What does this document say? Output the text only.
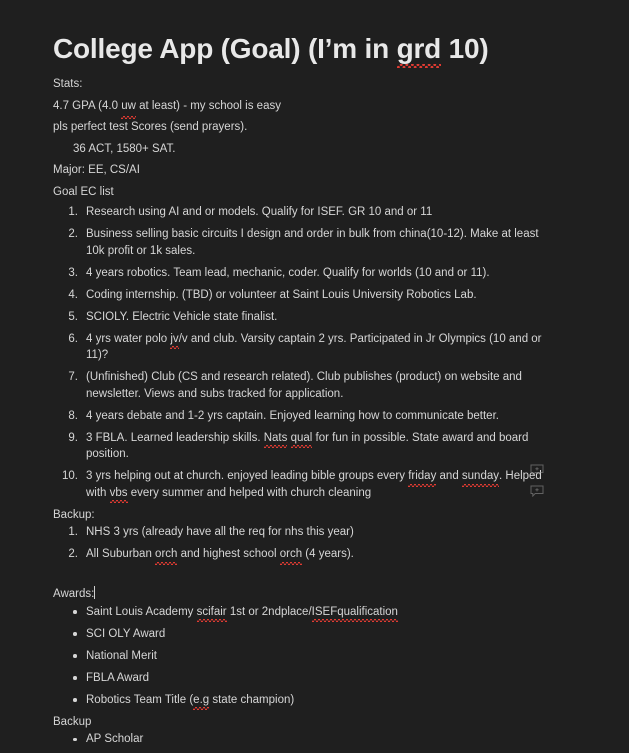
College App (Goal) (I’m in grd 10)

Stats:

4.7 GPA (4.0 uw at least) - my school is easy

pls perfect test Scores (send prayers).

36 ACT, 1580+ SAT.

Major: EE, CS/AI

Goal EC list

Research using AI and or models. Qualify for ISEF. GR 10 and or 11
Business selling basic circuits I design and order in bulk from china(10-12). Make at least 10k profit or 1k sales.
4 years robotics. Team lead, mechanic, coder. Qualify for worlds (10 and or 11).
Coding internship. (TBD) or volunteer at Saint Louis University Robotics Lab.
SCIOLY. Electric Vehicle state finalist.
4 yrs water polo jv/v and club. Varsity captain 2 yrs. Participated in Jr Olympics (10 and or 11)?
(Unfinished) Club (CS and research related). Club publishes (product) on website and newsletter. Views and subs tracked for application.
4 years debate and 1-2 yrs captain. Enjoyed learning how to communicate better.
3 FBLA. Learned leadership skills. Nats qual for fun in possible. State award and board position.
3 yrs helping out at church. enjoyed leading bible groups every friday and sunday. Helped with vbs every summer and helped with church cleaning

Backup:

NHS 3 yrs (already have all the req for nhs this year)
All Suburban orch and highest school orch (4 years).

Awards:

Saint Louis Academy scifair 1st or 2ndplace/ISEFqualification
SCI OLY Award
National Merit
FBLA Award
Robotics Team Title (e.g state champion)

Backup

AP Scholar
